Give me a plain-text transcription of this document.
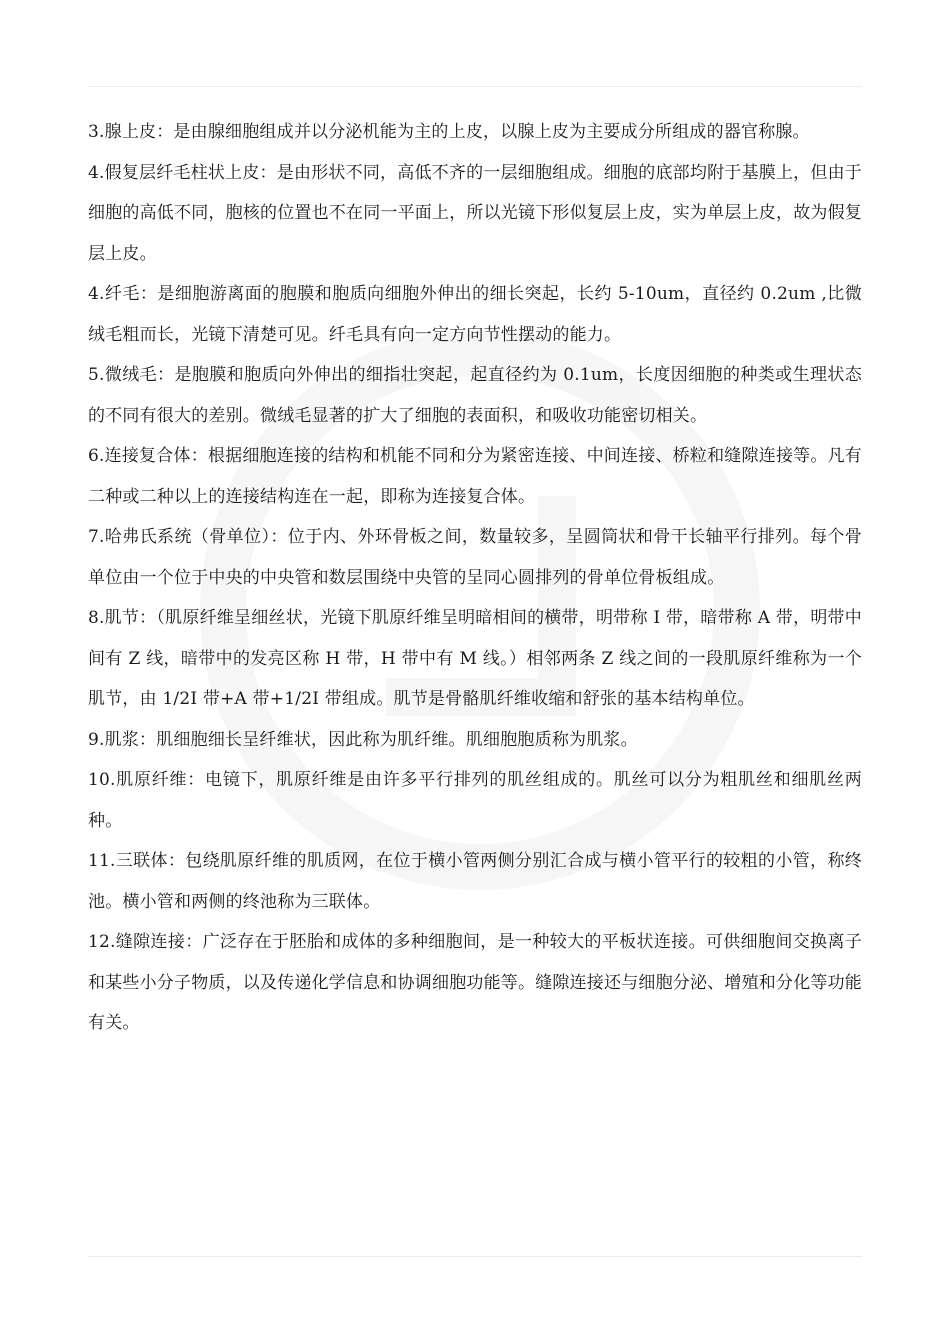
3.腺上皮：是由腺细胞组成并以分泌机能为主的上皮，以腺上皮为主要成分所组成的器官称腺。

4.假复层纤毛柱状上皮：是由形状不同，高低不齐的一层细胞组成。细胞的底部均附于基膜上，但由于细胞的高低不同，胞核的位置也不在同一平面上，所以光镜下形似复层上皮，实为单层上皮，故为假复层上皮。

4.纤毛：是细胞游离面的胞膜和胞质向细胞外伸出的细长突起，长约 5-10um，直径约 0.2um ,比微绒毛粗而长，光镜下清楚可见。纤毛具有向一定方向节性摆动的能力。

5.微绒毛：是胞膜和胞质向外伸出的细指壮突起，起直径约为 0.1um，长度因细胞的种类或生理状态的不同有很大的差别。微绒毛显著的扩大了细胞的表面积，和吸收功能密切相关。

6.连接复合体：根据细胞连接的结构和机能不同和分为紧密连接、中间连接、桥粒和缝隙连接等。凡有二种或二种以上的连接结构连在一起，即称为连接复合体。

7.哈弗氏系统（骨单位）：位于内、外环骨板之间，数量较多，呈圆筒状和骨干长轴平行排列。每个骨单位由一个位于中央的中央管和数层围绕中央管的呈同心圆排列的骨单位骨板组成。

8.肌节：（肌原纤维呈细丝状，光镜下肌原纤维呈明暗相间的横带，明带称 I 带，暗带称 A 带，明带中间有 Z 线，暗带中的发亮区称 H 带，H 带中有 M 线。）相邻两条 Z 线之间的一段肌原纤维称为一个肌节，由 1/2I 带+A 带+1/2I 带组成。肌节是骨骼肌纤维收缩和舒张的基本结构单位。

9.肌浆：肌细胞细长呈纤维状，因此称为肌纤维。肌细胞胞质称为肌浆。

10.肌原纤维：电镜下，肌原纤维是由许多平行排列的肌丝组成的。肌丝可以分为粗肌丝和细肌丝两种。

11.三联体：包绕肌原纤维的肌质网，在位于横小管两侧分别汇合成与横小管平行的较粗的小管，称终池。横小管和两侧的终池称为三联体。

12.缝隙连接：广泛存在于胚胎和成体的多种细胞间，是一种较大的平板状连接。可供细胞间交换离子和某些小分子物质，以及传递化学信息和协调细胞功能等。缝隙连接还与细胞分泌、增殖和分化等功能有关。
